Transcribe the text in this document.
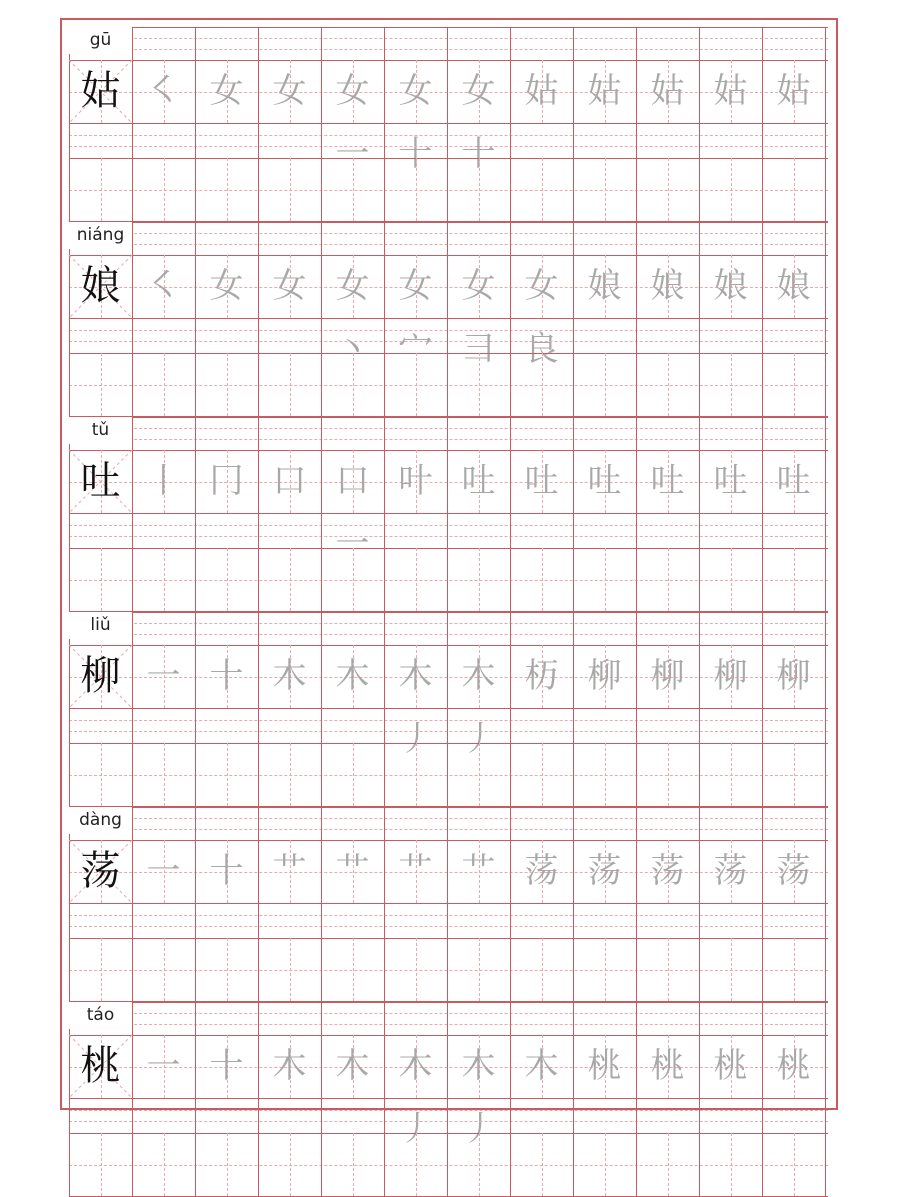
gū
姑 ㇛ 女 女 女一
女十
女十
姑 姑 姑 姑 姑
niáng
娘 ㇛ 女 女 女丶
女宀
女彐
女良
娘 娘 娘 娘
tǔ
吐 丨 冂 口 口一
叶 吐 吐 吐 吐 吐 吐
liǔ
柳 一 十 木 木 木丿
木丿
杤 柳 柳 柳 柳
dàng
荡 一 十 艹 艹 艹 艹 荡 荡 荡 荡 荡
táo
桃 一 十 木 木 木丿
木丿
木 桃 桃 桃 桃
